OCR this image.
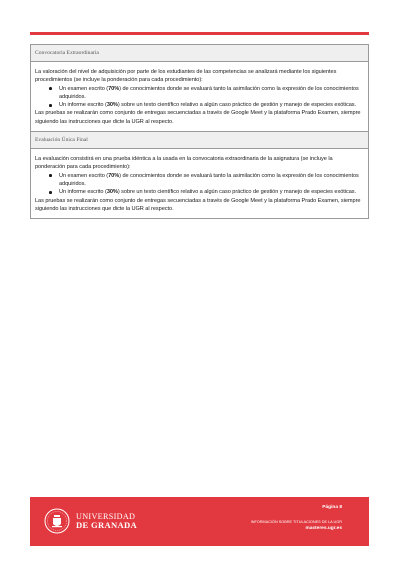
Convocatoria Extraordinaria

La valoración del nivel de adquisición por parte de los estudiantes de las competencias se analizará mediante los siguientes procedimientos (se incluye la ponderación para cada procedimiento):

Un examen escrito (70%) de conocimientos donde se evaluará tanto la asimilación como la expresión de los conocimientos adquiridos.
Un informe escrito (30%) sobre un texto científico relativo a algún caso práctico de gestión y manejo de especies exóticas.

Las pruebas se realizarán como conjunto de entregas secuenciadas a través de Google Meet y la plataforma Prado Examen, siempre siguiendo las instrucciones que dicte la UGR al respecto.

Evaluación Única Final

La evaluación consistirá en una prueba idéntica a la usada en la convocatoria extraordinaria de la asignatura (se incluye la ponderación para cada procedimiento):

Un examen escrito (70%) de conocimientos donde se evaluará tanto la asimilación como la expresión de los conocimientos adquiridos.
Un informe escrito (30%) sobre un texto científico relativo a algún caso práctico de gestión y manejo de especies exóticas.

Las pruebas se realizarán como conjunto de entregas secuenciadas a través de Google Meet y la plataforma Prado Examen, siempre siguiendo las instrucciones que dicte la UGR al respecto.

UNIVERSIDAD
DE GRANADA
Página 8
INFORMACIÓN SOBRE TITULACIONES DE LA UGR
masteres.ugr.es
